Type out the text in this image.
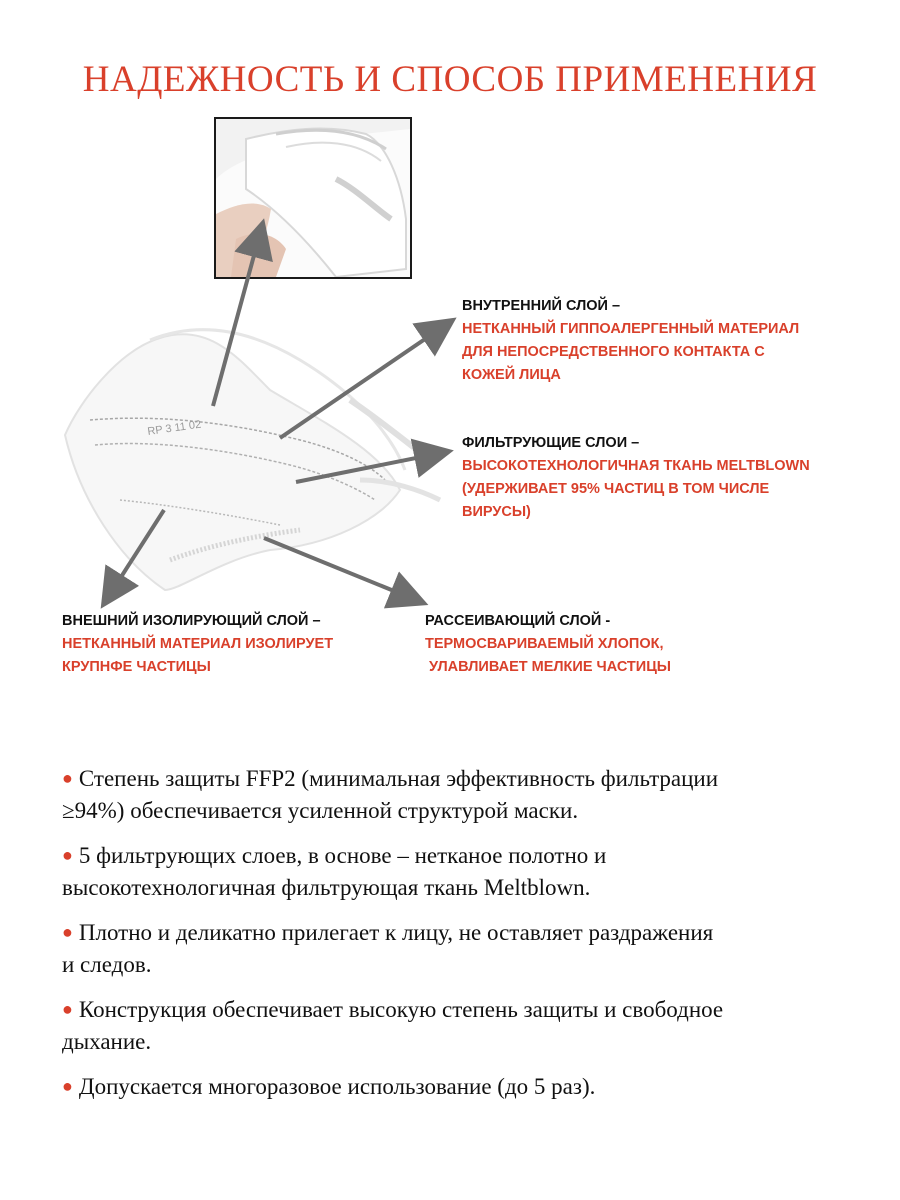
НАДЕЖНОСТЬ И СПОСОБ ПРИМЕНЕНИЯ
RP 3 11 02
ВНУТРЕННИЙ СЛОЙ –
НЕТКАННЫЙ ГИППОАЛЕРГЕННЫЙ МАТЕРИАЛ
ДЛЯ НЕПОСРЕДСТВЕННОГО КОНТАКТА С
КОЖЕЙ ЛИЦА
ФИЛЬТРУЮЩИЕ СЛОИ –
ВЫСОКОТЕХНОЛОГИЧНАЯ ТКАНЬ MELTBLOWN
(УДЕРЖИВАЕТ 95% ЧАСТИЦ В ТОМ ЧИСЛЕ
ВИРУСЫ)
ВНЕШНИЙ ИЗОЛИРУЮЩИЙ СЛОЙ –
НЕТКАННЫЙ МАТЕРИАЛ ИЗОЛИРУЕТ
КРУПНФЕ ЧАСТИЦЫ
РАССЕИВАЮЩИЙ СЛОЙ -
ТЕРМОСВАРИВАЕМЫЙ ХЛОПОК,
УЛАВЛИВАЕТ МЕЛКИЕ ЧАСТИЦЫ
● Степень защиты FFP2 (минимальная эффективность фильтрации
≥94%) обеспечивается усиленной структурой маски.
● 5 фильтрующих слоев, в основе – нетканое полотно и
высокотехнологичная фильтрующая ткань Meltblown.
● Плотно и деликатно прилегает к лицу, не оставляет раздражения
и следов.
● Конструкция обеспечивает высокую степень защиты и свободное
дыхание.
● Допускается многоразовое использование (до 5 раз).
